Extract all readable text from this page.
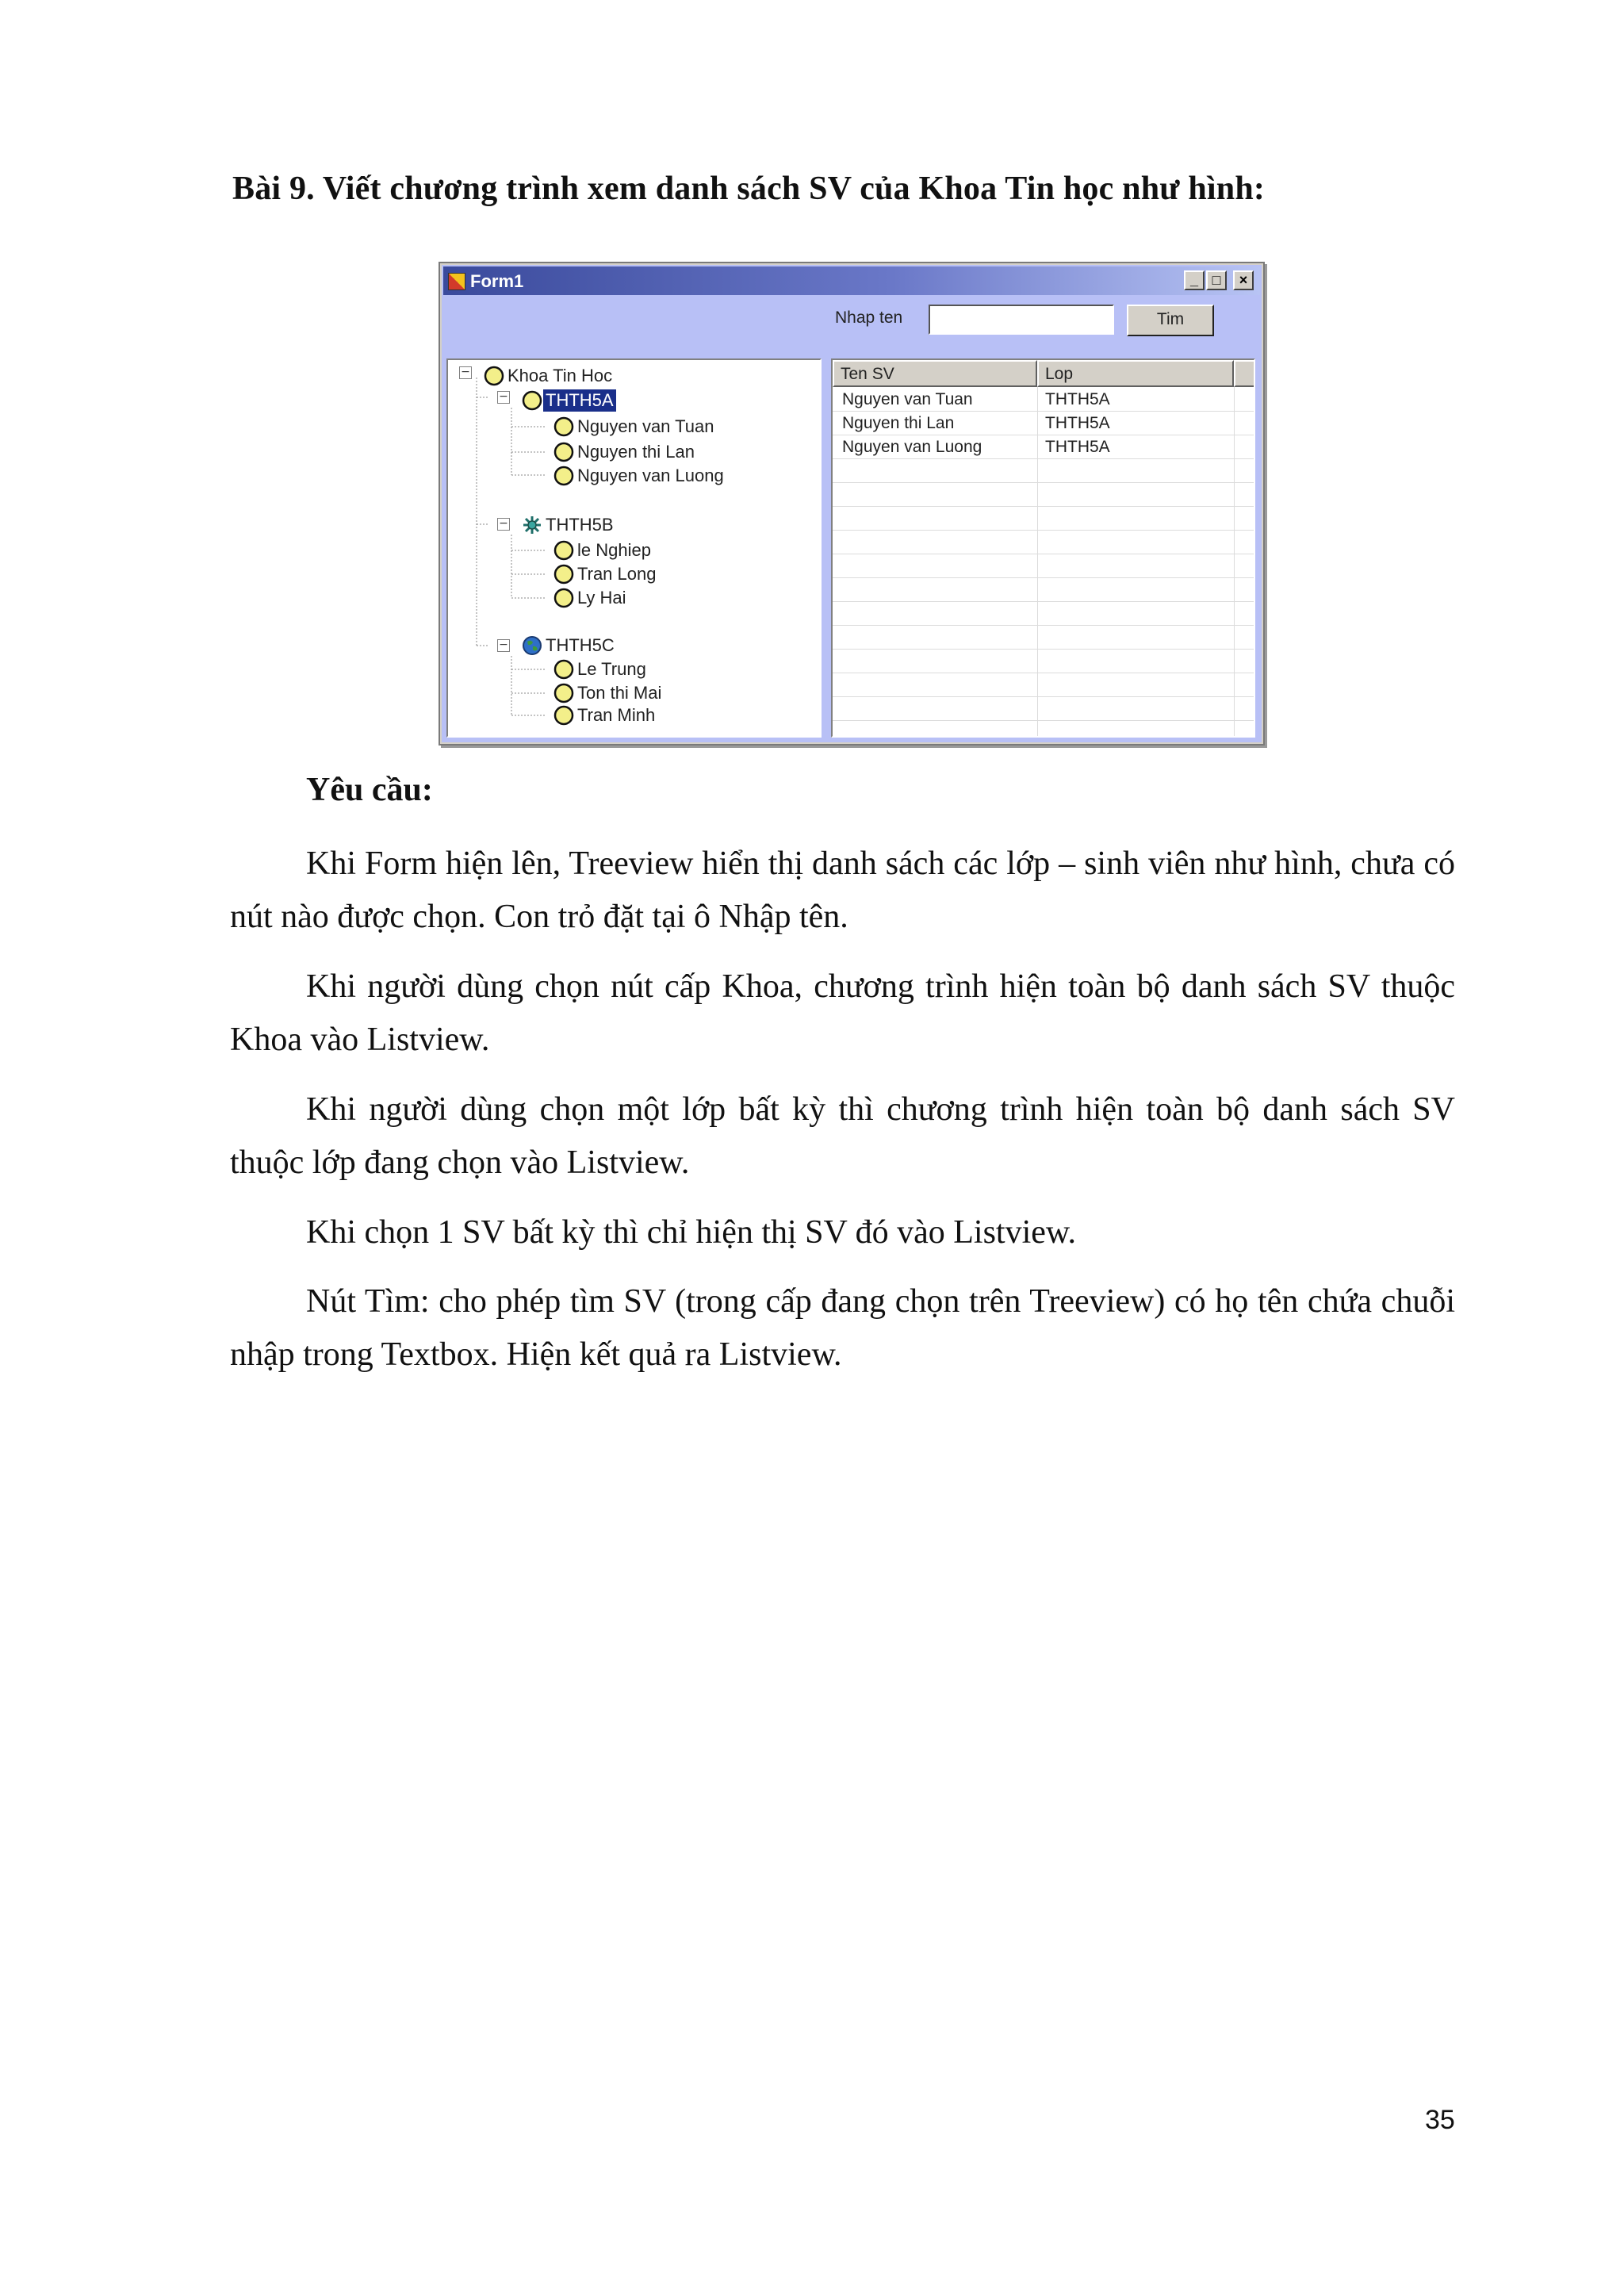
Bài 9. Viết chương trình xem danh sách SV của Khoa Tin học như hình:
Form1	_ □	×
Nhap ten	Tim
− Khoa Tin Hoc
− THTH5A
Nguyen van Tuan
Nguyen thi Lan
Nguyen van Luong
− THTH5B
le Nghiep
Tran Long
Ly Hai
− THTH5C
Le Trung
Ton thi Mai
Tran Minh
Ten SV	Lop
Nguyen van Tuan	THTH5A
Nguyen thi Lan	THTH5A
Nguyen van Luong	THTH5A
Yêu cầu:

Khi Form hiện lên, Treeview hiển thị danh sách các lớp – sinh viên như hình, chưa có nút nào được chọn. Con trỏ đặt tại ô Nhập tên.

Khi người dùng chọn nút cấp Khoa, chương trình hiện toàn bộ danh sách SV thuộc Khoa vào Listview.

Khi người dùng chọn một lớp bất kỳ thì chương trình hiện toàn bộ danh sách SV thuộc lớp đang chọn vào Listview.

Khi chọn 1 SV bất kỳ thì chỉ hiện thị SV đó vào Listview.

Nút Tìm: cho phép tìm SV (trong cấp đang chọn trên Treeview) có họ tên chứa chuỗi nhập trong Textbox. Hiện kết quả ra Listview.

35
